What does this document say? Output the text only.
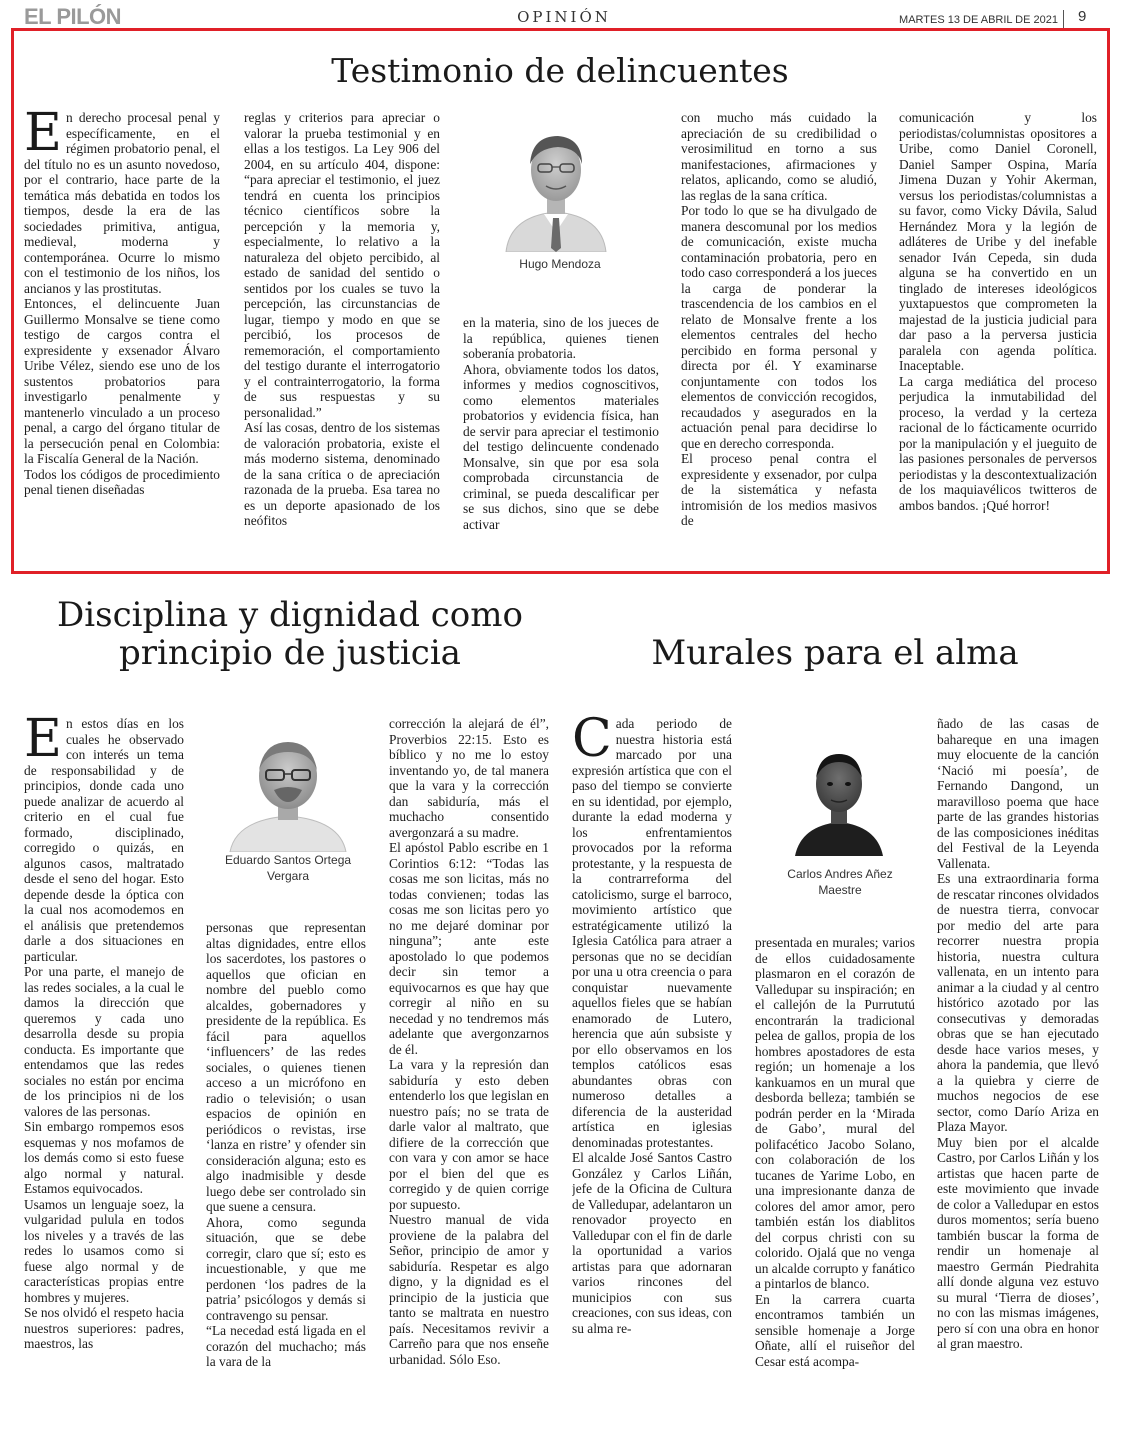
EL PILÓN	OPINIÓN	MARTES 13 DE ABRIL DE 2021 9
Testimonio de delincuentes
E n derecho procesal penal y específicamente, en el régimen probatorio penal, el del título no es un asunto novedoso, por el contrario, hace parte de la temática más debatida en todos los tiempos, desde la era de las sociedades primitiva, antigua, medieval, moderna y contemporánea. Ocurre lo mismo con el testimonio de los niños, los ancianos y las prostitutas.

Entonces, el delincuente Juan Guillermo Monsalve se tiene como testigo de cargos contra el expresidente y exsenador Álvaro Uribe Vélez, siendo ese uno de los sustentos probatorios para investigarlo penalmente y mantenerlo vinculado a un proceso penal, a cargo del órgano titular de la persecución penal en Colombia: la Fiscalía General de la Nación.

Todos los códigos de procedimiento penal tienen diseñadas

reglas y criterios para apreciar o valorar la prueba testimonial y en ellas a los testigos. La Ley 906 del 2004, en su artículo 404, dispone: “para apreciar el testimonio, el juez tendrá en cuenta los principios técnico científicos sobre la percepción y la memoria y, especialmente, lo relativo a la naturaleza del objeto percibido, al estado de sanidad del sentido o sentidos por los cuales se tuvo la percepción, las circunstancias de lugar, tiempo y modo en que se percibió, los procesos de rememoración, el comportamiento del testigo durante el interrogatorio y el contrainterrogatorio, la forma de sus respuestas y su personalidad.”

Así las cosas, dentro de los sistemas de valoración probatoria, existe el más moderno sistema, denominado de la sana crítica o de apreciación razonada de la prueba. Esa tarea no es un deporte apasionado de los neófitos

Hugo Mendoza

en la materia, sino de los jueces de la república, quienes tienen soberanía probatoria.

Ahora, obviamente todos los datos, informes y medios cognoscitivos, como elementos materiales probatorios y evidencia física, han de servir para apreciar el testimonio del testigo delincuente condenado Monsalve, sin que por esa sola comprobada circunstancia de criminal, se pueda descalificar per se sus dichos, sino que se debe activar

con mucho más cuidado la apreciación de su credibilidad o verosimilitud en torno a sus manifestaciones, afirmaciones y relatos, aplicando, como se aludió, las reglas de la sana crítica.

Por todo lo que se ha divulgado de manera descomunal por los medios de comunicación, existe mucha contaminación probatoria, pero en todo caso corresponderá a los jueces la carga de ponderar la trascendencia de los cambios en el relato de Monsalve frente a los elementos centrales del hecho percibido en forma personal y directa por él. Y examinarse conjuntamente con todos los elementos de convicción recogidos, recaudados y asegurados en la actuación penal para decidirse lo que en derecho corresponda.

El proceso penal contra el expresidente y exsenador, por culpa de la sistemática y nefasta intromisión de los medios masivos de

comunicación y los periodistas/columnistas opositores a Uribe, como Daniel Coronell, Daniel Samper Ospina, María Jimena Duzan y Yohir Akerman, versus los periodistas/columnistas a su favor, como Vicky Dávila, Salud Hernández Mora y la legión de adláteres de Uribe y del inefable senador Iván Cepeda, sin duda alguna se ha convertido en un tinglado de intereses ideológicos yuxtapuestos que comprometen la majestad de la justicia judicial para dar paso a la perversa justicia paralela con agenda política. Inaceptable.

La carga mediática del proceso perjudica la inmutabilidad del proceso, la verdad y la certeza racional de lo fácticamente ocurrido por la manipulación y el jueguito de las pasiones personales de perversos periodistas y la descontextualización de los maquiavélicos twitteros de ambos bandos. ¡Qué horror!

Disciplina y dignidad como
principio de justicia
E n estos días en los cuales he observado con interés un tema de responsabilidad y de principios, donde cada uno puede analizar de acuerdo al criterio en el cual fue formado, disciplinado, corregido o quizás, en algunos casos, maltratado desde el seno del hogar. Esto depende desde la óptica con la cual nos acomodemos en el análisis que pretendemos darle a dos situaciones en particular.

Por una parte, el manejo de las redes sociales, a la cual le damos la dirección que queremos y cada uno desarrolla desde su propia conducta. Es importante que entendamos que las redes sociales no están por encima de los principios ni de los valores de las personas.

Sin embargo rompemos esos esquemas y nos mofamos de los demás como si esto fuese algo normal y natural. Estamos equivocados.

Usamos un lenguaje soez, la vulgaridad pulula en todos los niveles y a través de las redes lo usamos como si fuese algo normal y de características propias entre hombres y mujeres.

Se nos olvidó el respeto hacia nuestros superiores: padres, maestros, las

Eduardo Santos Ortega
Vergara

personas que representan altas dignidades, entre ellos los sacerdotes, los pastores o aquellos que ofician en nombre del pueblo como alcaldes, gobernadores y presidente de la república. Es fácil para aquellos ‘influencers’ de las redes sociales, o quienes tienen acceso a un micrófono en radio o televisión; o usan espacios de opinión en periódicos o revistas, irse ‘lanza en ristre’ y ofender sin consideración alguna; esto es algo inadmisible y desde luego debe ser controlado sin que suene a censura.

Ahora, como segunda situación, que se debe corregir, claro que sí; esto es incuestionable, y que me perdonen ‘los padres de la patria’ psicólogos y demás si contravengo su pensar.

“La necedad está ligada en el corazón del muchacho; más la vara de la

corrección la alejará de él”, Proverbios 22:15. Esto es bíblico y no me lo estoy inventando yo, de tal manera que la vara y la corrección dan sabiduría, más el muchacho consentido avergonzará a su madre.

El apóstol Pablo escribe en 1 Corintios 6:12: “Todas las cosas me son licitas, más no todas convienen; todas las cosas me son licitas pero yo no me dejaré dominar por ninguna”; ante este apostolado lo que podemos decir sin temor a equivocarnos es que hay que corregir al niño en su necedad y no tendremos más adelante que avergonzarnos de él.

La vara y la represión dan sabiduría y esto deben entenderlo los que legislan en nuestro país; no se trata de darle valor al maltrato, que difiere de la corrección que con vara y con amor se hace por el bien del que es corregido y de quien corrige por supuesto.

Nuestro manual de vida proviene de la palabra del Señor, principio de amor y sabiduría. Respetar es algo digno, y la dignidad es el principio de la justicia que tanto se maltrata en nuestro país. Necesitamos revivir a Carreño para que nos enseñe urbanidad. Sólo Eso.

Murales para el alma
C ada periodo de nuestra historia está marcado por una expresión artística que con el paso del tiempo se convierte en su identidad, por ejemplo, durante la edad moderna y los enfrentamientos provocados por la reforma protestante, y la respuesta de la contrarreforma del catolicismo, surge el barroco, movimiento artístico que estratégicamente utilizó la Iglesia Católica para atraer a personas que no se decidían por una u otra creencia o para conquistar nuevamente aquellos fieles que se habían enamorado de Lutero, herencia que aún subsiste y por ello observamos en los templos católicos esas abundantes obras con numeroso detalles a diferencia de la austeridad artística en iglesias denominadas protestantes.

El alcalde José Santos Castro González y Carlos Liñán, jefe de la Oficina de Cultura de Valledupar, adelantaron un renovador proyecto en Valledupar con el fin de darle la oportunidad a varios artistas para que adornaran varios rincones del municipios con sus creaciones, con sus ideas, con su alma re-

Carlos Andres Añez
Maestre

presentada en murales; varios de ellos cuidadosamente plasmaron en el corazón de Valledupar su inspiración; en el callejón de la Purrututú encontrarán la tradicional pelea de gallos, propia de los hombres apostadores de esta región; un homenaje a los kankuamos en un mural que desborda belleza; también se podrán perder en la ‘Mirada de Gabo’, mural del polifacético Jacobo Solano, con colaboración de los tucanes de Yarime Lobo, en una impresionante danza de colores del amor amor, pero también están los diablitos del corpus christi con su colorido. Ojalá que no venga un alcalde corrupto y fanático a pintarlos de blanco.

En la carrera cuarta encontramos también un sensible homenaje a Jorge Oñate, allí el ruiseñor del Cesar está acompa-

ñado de las casas de bahareque en una imagen muy elocuente de la canción ‘Nació mi poesía’, de Fernando Dangond, un maravilloso poema que hace parte de las grandes historias de las composiciones inéditas del Festival de la Leyenda Vallenata.

Es una extraordinaria forma de rescatar rincones olvidados de nuestra tierra, convocar por medio del arte para recorrer nuestra propia historia, nuestra cultura vallenata, en un intento para animar a la ciudad y al centro histórico azotado por las consecutivas y demoradas obras que se han ejecutado desde hace varios meses, y ahora la pandemia, que llevó a la quiebra y cierre de muchos negocios de ese sector, como Darío Ariza en Plaza Mayor.

Muy bien por el alcalde Castro, por Carlos Liñán y los artistas que hacen parte de este movimiento que invade de color a Valledupar en estos duros momentos; sería bueno también buscar la forma de rendir un homenaje al maestro Germán Piedrahita allí donde alguna vez estuvo su mural ‘Tierra de dioses’, no con las mismas imágenes, pero sí con una obra en honor al gran maestro.
